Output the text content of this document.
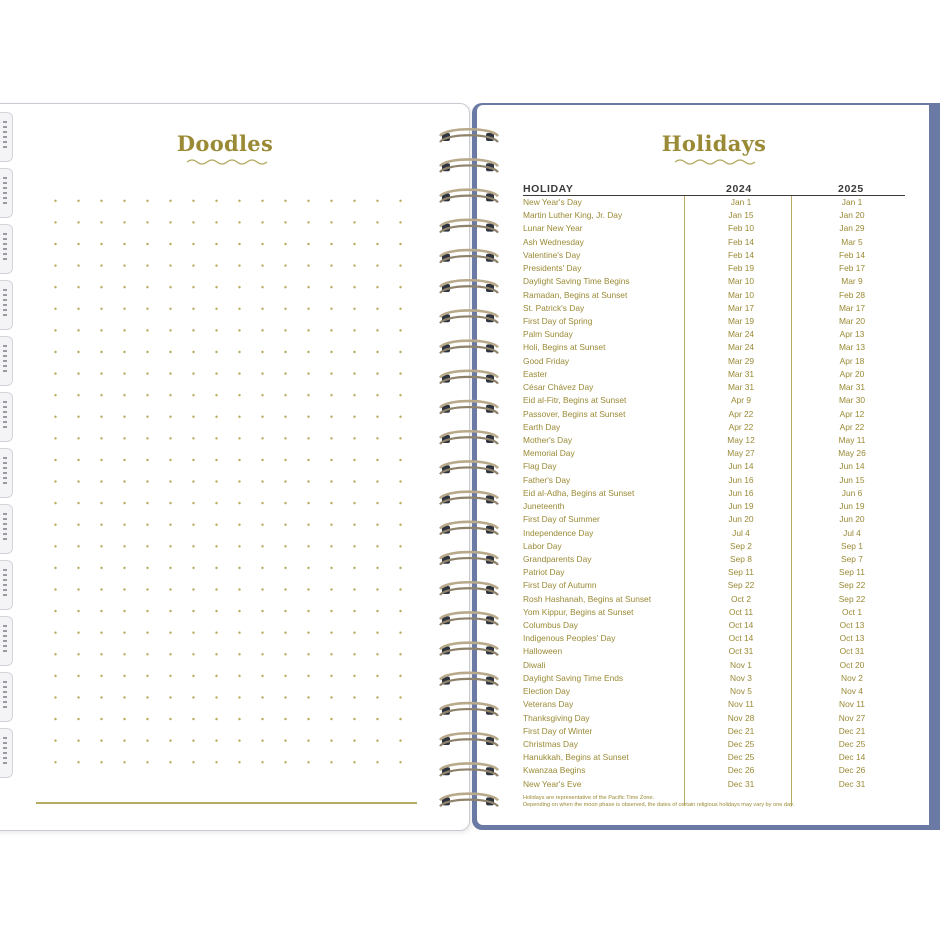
Doodles	Holidays
HOLIDAY	2024	2025
New Year's Day	Jan 1	Jan 1
Martin Luther King, Jr. Day	Jan 15	Jan 20
Lunar New Year	Feb 10	Jan 29
Ash Wednesday	Feb 14	Mar 5
Valentine's Day	Feb 14	Feb 14
Presidents' Day	Feb 19	Feb 17
Daylight Saving Time Begins	Mar 10	Mar 9
Ramadan, Begins at Sunset	Mar 10	Feb 28
St. Patrick's Day	Mar 17	Mar 17
First Day of Spring	Mar 19	Mar 20
Palm Sunday	Mar 24	Apr 13
Holi, Begins at Sunset	Mar 24	Mar 13
Good Friday	Mar 29	Apr 18
Easter	Mar 31	Apr 20
César Chávez Day	Mar 31	Mar 31
Eid al-Fitr, Begins at Sunset	Apr 9	Mar 30
Passover, Begins at Sunset	Apr 22	Apr 12
Earth Day	Apr 22	Apr 22
Mother's Day	May 12	May 11
Memorial Day	May 27	May 26
Flag Day	Jun 14	Jun 14
Father's Day	Jun 16	Jun 15
Eid al-Adha, Begins at Sunset	Jun 16	Jun 6
Juneteenth	Jun 19	Jun 19
First Day of Summer	Jun 20	Jun 20
Independence Day	Jul 4	Jul 4
Labor Day	Sep 2	Sep 1
Grandparents Day	Sep 8	Sep 7
Patriot Day	Sep 11	Sep 11
First Day of Autumn	Sep 22	Sep 22
Rosh Hashanah, Begins at Sunset	Oct 2	Sep 22
Yom Kippur, Begins at Sunset	Oct 11	Oct 1
Columbus Day	Oct 14	Oct 13
Indigenous Peoples' Day	Oct 14	Oct 13
Halloween	Oct 31	Oct 31
Diwali	Nov 1	Oct 20
Daylight Saving Time Ends	Nov 3	Nov 2
Election Day	Nov 5	Nov 4
Veterans Day	Nov 11	Nov 11
Thanksgiving Day	Nov 28	Nov 27
First Day of Winter	Dec 21	Dec 21
Christmas Day	Dec 25	Dec 25
Hanukkah, Begins at Sunset	Dec 25	Dec 14
Kwanzaa Begins	Dec 26	Dec 26
New Year's Eve	Dec 31	Dec 31
Holidays are representative of the Pacific Time Zone.
Depending on when the moon phase is observed, the dates of certain religious holidays may vary by one day.
